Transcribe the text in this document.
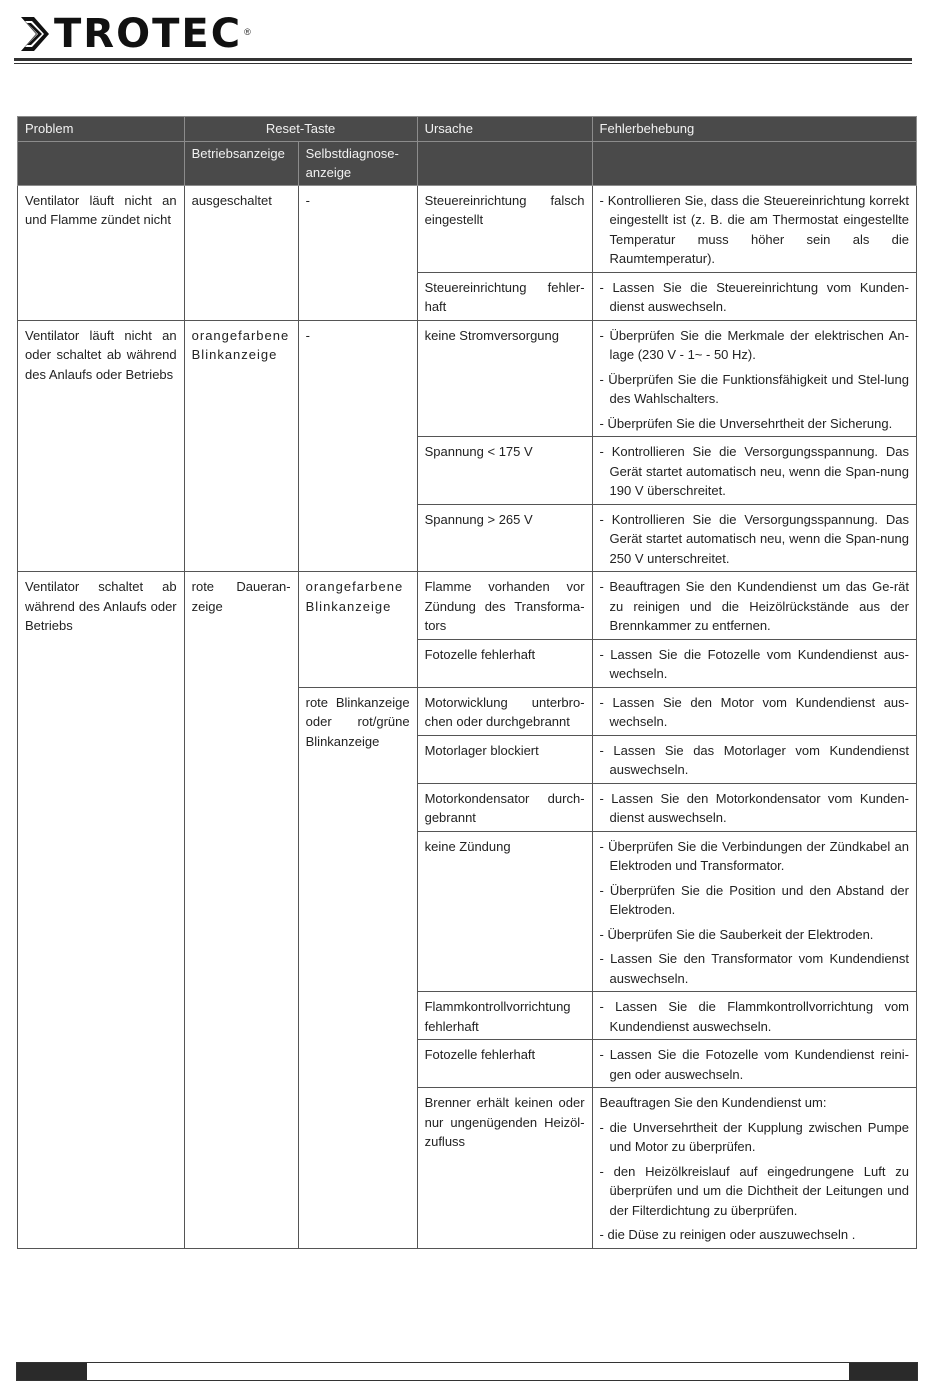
TROTEC ®
Problem	Reset-Taste		Ursache	Fehlerbehebung
	Betriebsanzeige	Selbstdiagnose-anzeige		
Ventilator läuft nicht an und Flamme zündet nicht	ausgeschaltet	-	Steuereinrichtung falsch eingestellt	- Kontrollieren Sie, dass die Steuereinrichtung korrekt eingestellt ist (z. B. die am Thermostat eingestellte Temperatur muss höher sein als die Raumtemperatur).

			Steuereinrichtung fehler-haft	- Lassen Sie die Steuereinrichtung vom Kunden-dienst auswechseln.

Ventilator läuft nicht an oder schaltet ab während des Anlaufs oder Betriebs	orangefarbene Blinkanzeige	-	keine Stromversorgung	- Überprüfen Sie die Merkmale der elektrischen An-lage (230 V - 1~ - 50 Hz).

- Überprüfen Sie die Funktionsfähigkeit und Stel-lung des Wahlschalters.

- Überprüfen Sie die Unversehrtheit der Sicherung.

			Spannung < 175 V	- Kontrollieren Sie die Versorgungsspannung. Das Gerät startet automatisch neu, wenn die Span-nung 190 V überschreitet.

			Spannung > 265 V	- Kontrollieren Sie die Versorgungsspannung. Das Gerät startet automatisch neu, wenn die Span-nung 250 V unterschreitet.

Ventilator schaltet ab während des Anlaufs oder Betriebs	rote Daueran-zeige	orangefarbene Blinkanzeige	Flamme vorhanden vor Zündung des Transforma-tors	- Beauftragen Sie den Kundendienst um das Ge-rät zu reinigen und die Heizölrückstände aus der Brennkammer zu entfernen.

			Fotozelle fehlerhaft	- Lassen Sie die Fotozelle vom Kundendienst aus-wechseln.

		rote Blinkanzeige oder rot/grüne Blinkanzeige	Motorwicklung unterbro-chen oder durchgebrannt	- Lassen Sie den Motor vom Kundendienst aus-wechseln.

			Motorlager blockiert	- Lassen Sie das Motorlager vom Kundendienst auswechseln.

			Motorkondensator durch-gebrannt	- Lassen Sie den Motorkondensator vom Kunden-dienst auswechseln.

			keine Zündung	- Überprüfen Sie die Verbindungen der Zündkabel an Elektroden und Transformator.

- Überprüfen Sie die Position und den Abstand der Elektroden.

- Überprüfen Sie die Sauberkeit der Elektroden.

- Lassen Sie den Transformator vom Kundendienst auswechseln.

			Flammkontrollvorrichtung fehlerhaft	- Lassen Sie die Flammkontrollvorrichtung vom Kundendienst auswechseln.

			Fotozelle fehlerhaft	- Lassen Sie die Fotozelle vom Kundendienst reini-gen oder auswechseln.

			Brenner erhält keinen oder nur ungenügenden Heizöl-zufluss	Beauftragen Sie den Kundendienst um:

- die Unversehrtheit der Kupplung zwischen Pumpe und Motor zu überprüfen.

- den Heizölkreislauf auf eingedrungene Luft zu überprüfen und um die Dichtheit der Leitungen und der Filterdichtung zu überprüfen.

- die Düse zu reinigen oder auszuwechseln .
